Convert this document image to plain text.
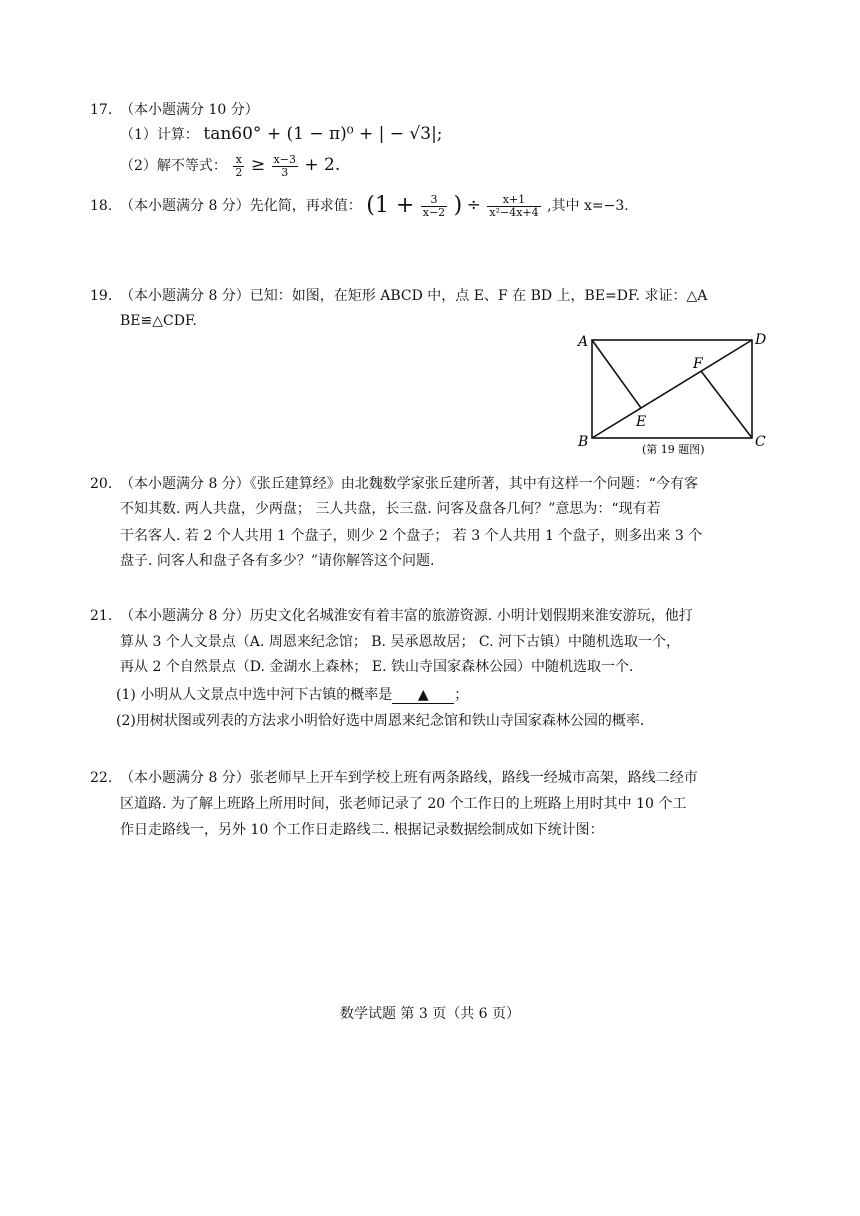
17. （本小题满分 10 分）
（1）计算： tan60° + (1 − π)⁰ + | − √3|;
（2）解不等式： $\frac{x}{2} \ge \frac{x-3}{3} + 2$.
18. （本小题满分 8 分）先化简，再求值： ($1 + \frac{3}{x-2}$ ) ÷ $\frac{x+1}{\text{x²−4x+4}}$ ,其中 x=−3.
19. （本小题满分 8 分）已知：如图，在矩形 ABCD 中，点 E、F 在 BD 上，BE=DF. 求证：△A
BE≌△CDF.
A	D
B	C
E
F
(第 19 题图)
20. （本小题满分 8 分）《张丘建算经》由北魏数学家张丘建所著，其中有这样一个问题：“今有客
不知其数. 两人共盘，少两盘； 三人共盘，长三盘. 问客及盘各几何？”意思为：“现有若
干名客人. 若 2 个人共用 1 个盘子，则少 2 个盘子； 若 3 个人共用 1 个盘子，则多出来 3 个
盘子. 问客人和盘子各有多少？”请你解答这个问题.
21. （本小题满分 8 分）历史文化名城淮安有着丰富的旅游资源. 小明计划假期来淮安游玩，他打
算从 3 个人文景点（A. 周恩来纪念馆； B. 吴承恩故居； C. 河下古镇）中随机选取一个，
再从 2 个自然景点（D. 金湖水上森林； E. 铁山寺国家森林公园）中随机选取一个.
(1) 小明从人文景点中选中河下古镇的概率是 ▲ ；
(2)用树状图或列表的方法求小明恰好选中周恩来纪念馆和铁山寺国家森林公园的概率.
22. （本小题满分 8 分）张老师早上开车到学校上班有两条路线，路线一经城市高架，路线二经市
区道路. 为了解上班路上所用时间，张老师记录了 20 个工作日的上班路上用时其中 10 个工
作日走路线一，另外 10 个工作日走路线二. 根据记录数据绘制成如下统计图：
数学试题 第 3 页（共 6 页）
